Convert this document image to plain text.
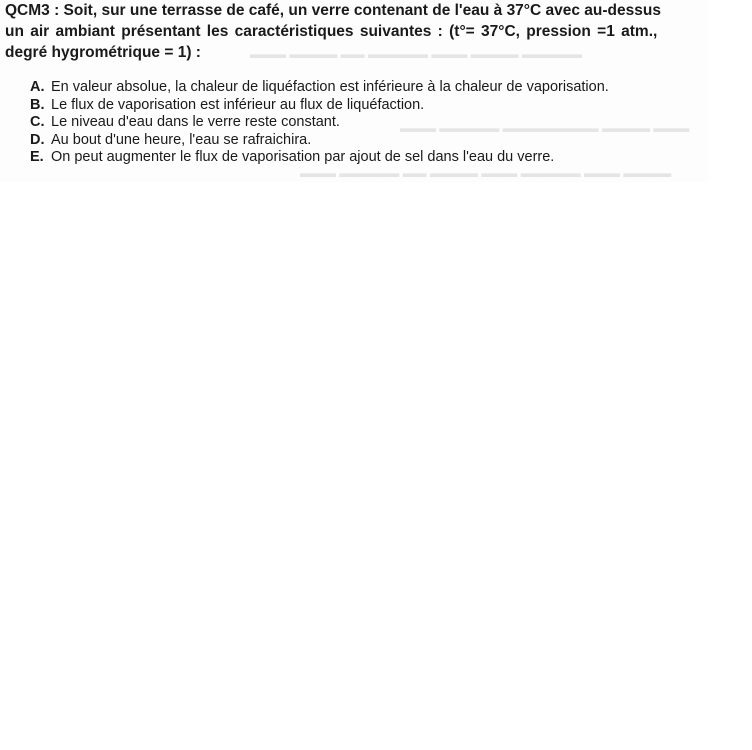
▬▬▬ ▬▬▬▬ ▬▬ ▬▬▬▬▬ ▬▬▬ ▬▬▬▬ ▬▬▬▬▬
▬▬▬ ▬▬▬▬▬ ▬▬▬▬▬▬▬▬ ▬▬▬▬ ▬▬▬
▬▬▬ ▬▬▬▬▬ ▬▬ ▬▬▬▬ ▬▬▬ ▬▬▬▬▬ ▬▬▬ ▬▬▬▬
QCM3 : Soit, sur une terrasse de café, un verre contenant de l'eau à 37°C avec au-dessus
un air ambiant présentant les caractéristiques suivantes : (t°= 37°C, pression =1 atm.,
degré hygrométrique = 1) :
A. En valeur absolue, la chaleur de liquéfaction est inférieure à la chaleur de vaporisation.
B. Le flux de vaporisation est inférieur au flux de liquéfaction.
C. Le niveau d'eau dans le verre reste constant.
D. Au bout d'une heure, l'eau se rafraichira.
E. On peut augmenter le flux de vaporisation par ajout de sel dans l'eau du verre.
